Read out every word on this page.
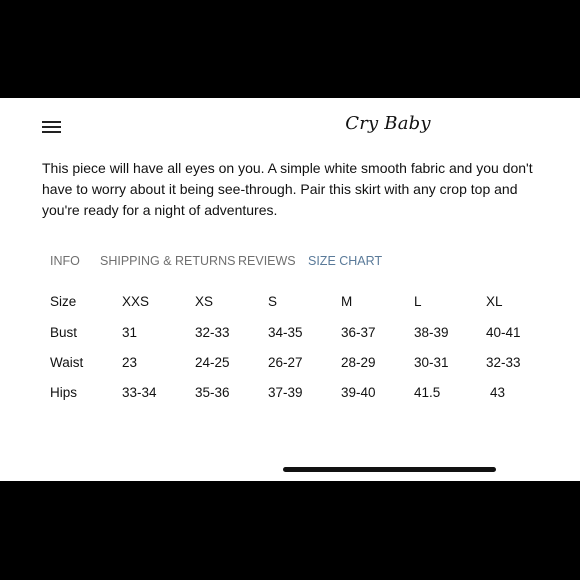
Cry Baby
This piece will have all eyes on you. A simple white smooth fabric and you don't have to worry about it being see-through. Pair this skirt with any crop top and you're ready for a night of adventures.
INFO SHIPPING & RETURNS REVIEWS SIZE CHART
Size	XXS	XS	S	M	L	XL
Bust	31	32-33	34-35	36-37	38-39	40-41
Waist	23	24-25	26-27	28-29	30-31	32-33
Hips	33-34	35-36	37-39	39-40	41.5	43
